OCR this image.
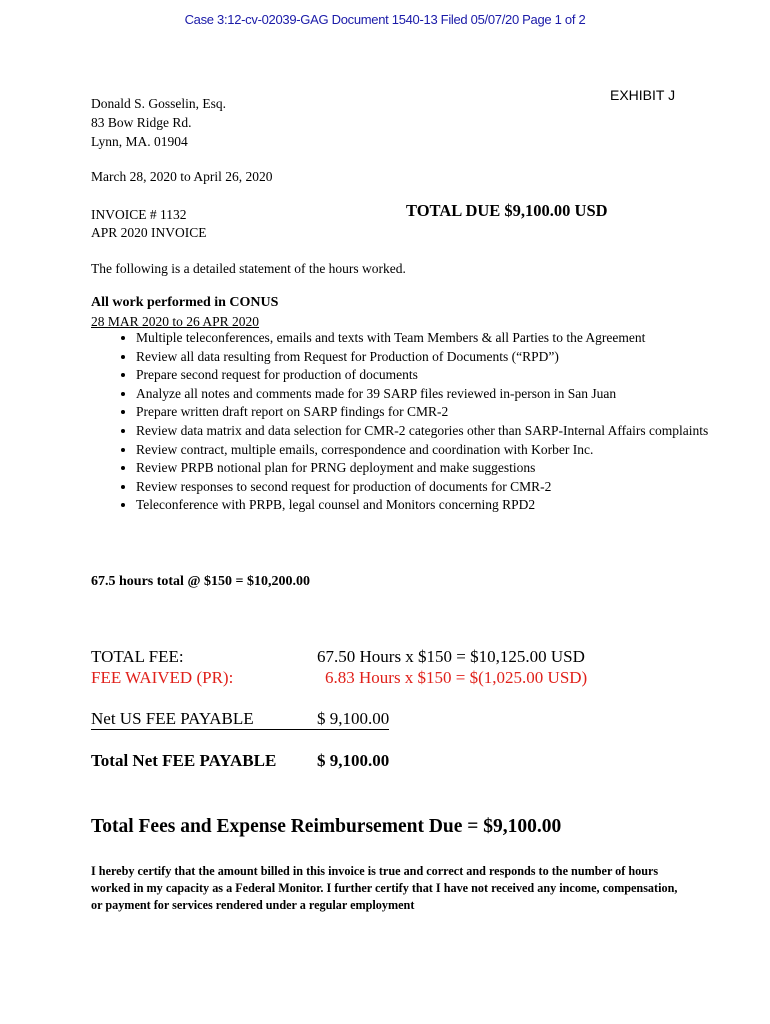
Case 3:12-cv-02039-GAG Document 1540-13 Filed 05/07/20 Page 1 of 2
EXHIBIT J
Donald S. Gosselin, Esq.
83 Bow Ridge Rd.
Lynn, MA. 01904
March 28, 2020 to April 26, 2020
INVOICE # 1132
APR 2020 INVOICE
TOTAL DUE $9,100.00 USD
The following is a detailed statement of the hours worked.
All work performed in CONUS
28 MAR 2020 to 26 APR 2020
• Multiple teleconferences, emails and texts with Team Members & all Parties to the Agreement
• Review all data resulting from Request for Production of Documents (“RPD”)
• Prepare second request for production of documents
• Analyze all notes and comments made for 39 SARP files reviewed in-person in San Juan
• Prepare written draft report on SARP findings for CMR-2
• Review data matrix and data selection for CMR-2 categories other than SARP-Internal Affairs complaints
• Review contract, multiple emails, correspondence and coordination with Korber Inc.
• Review PRPB notional plan for PRNG deployment and make suggestions
• Review responses to second request for production of documents for CMR-2
• Teleconference with PRPB, legal counsel and Monitors concerning RPD2
67.5 hours total @ $150 = $10,200.00
TOTAL FEE:	67.50 Hours x $150 = $10,125.00 USD
FEE WAIVED (PR):	6.83 Hours x $150 = $(1,025.00 USD)
Net US FEE PAYABLE	$ 9,100.00
Total Net FEE PAYABLE $ 9,100.00
Total Fees and Expense Reimbursement Due = $9,100.00
I hereby certify that the amount billed in this invoice is true and correct and responds to the number of hours worked in my capacity as a Federal Monitor. I further certify that I have not received any income, compensation, or payment for services rendered under a regular employment
